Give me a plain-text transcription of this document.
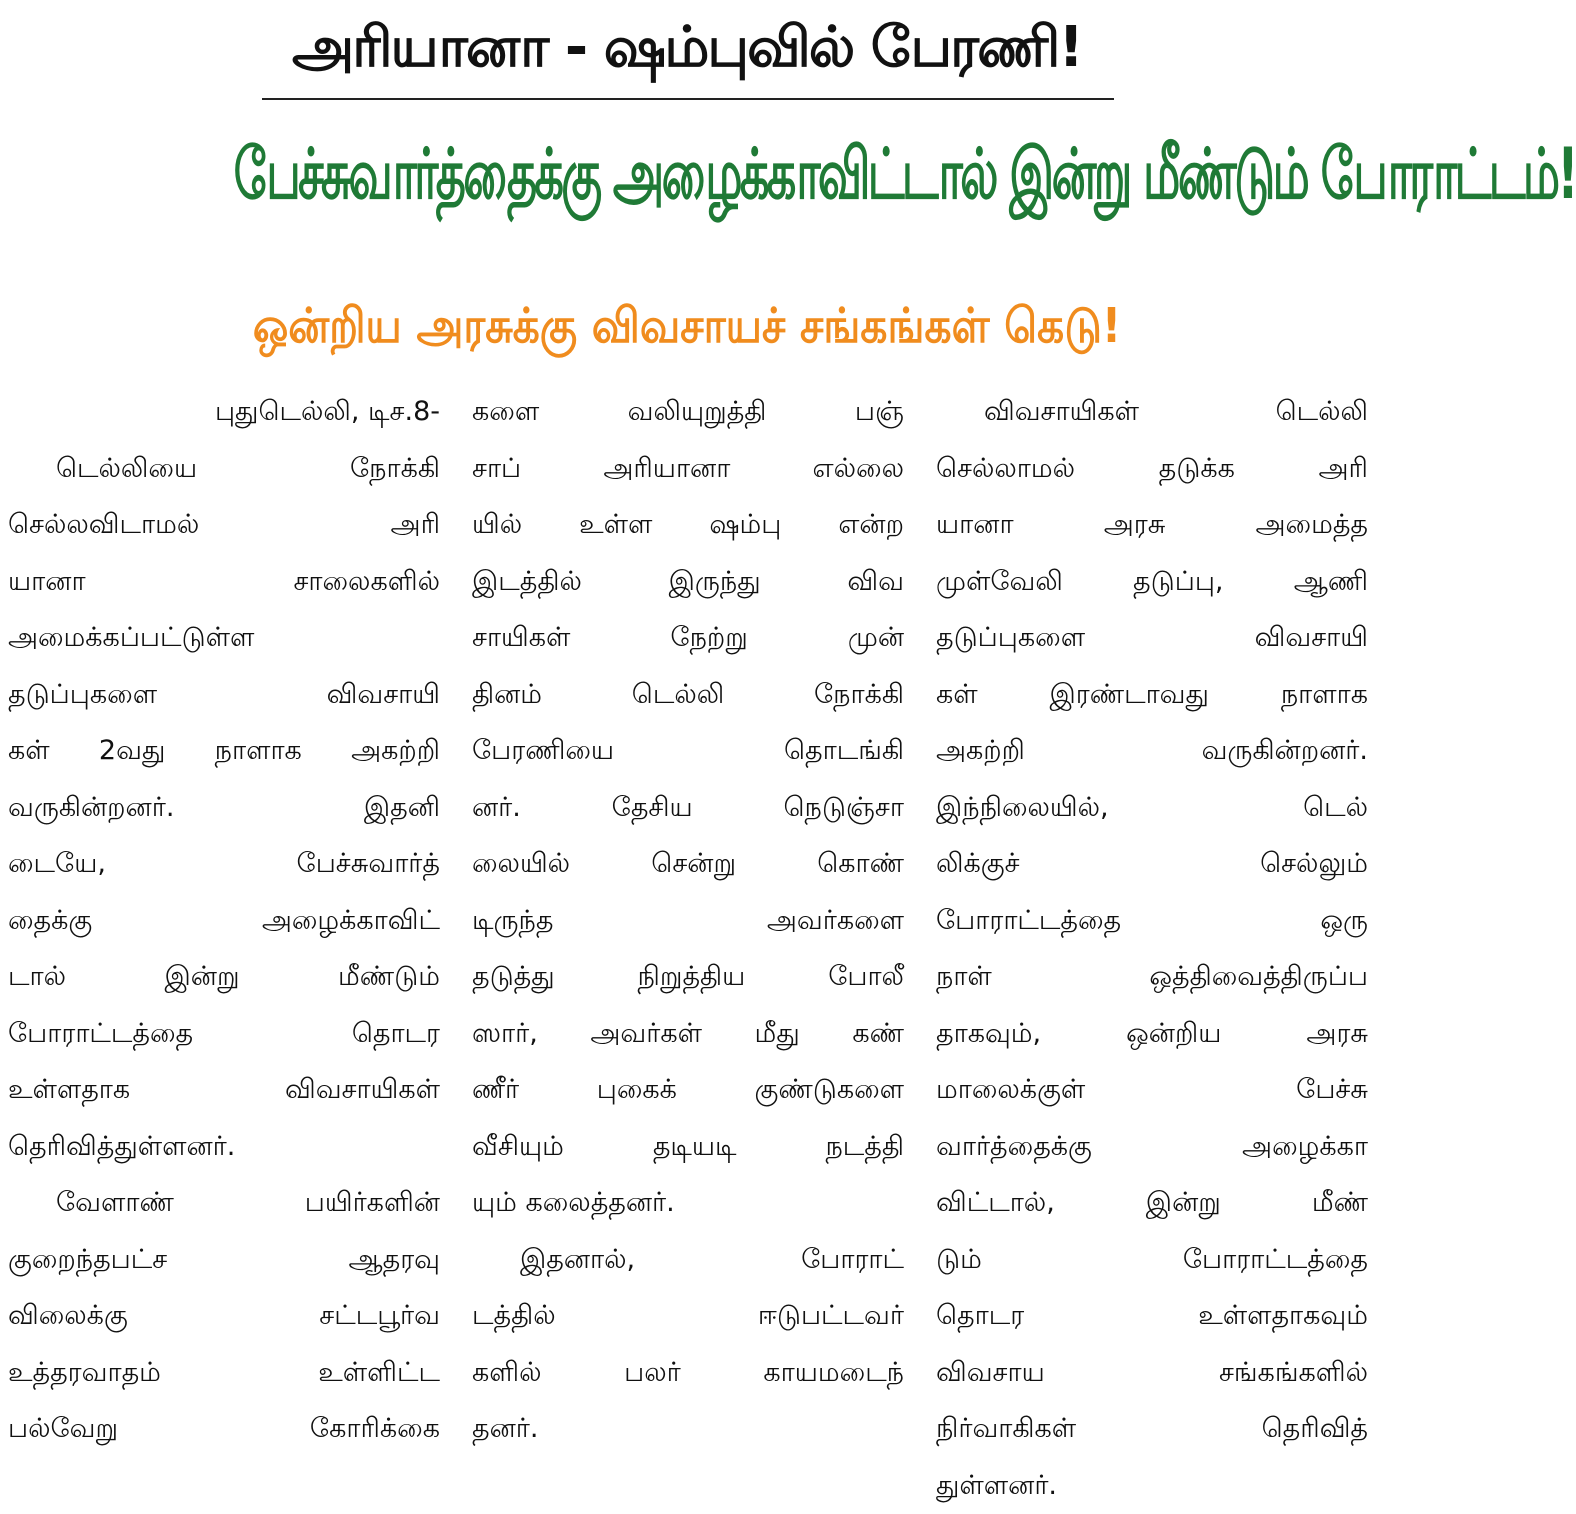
அரியானா - ஷம்புவில் பேரணி!
பேச்சுவார்த்தைக்கு அழைக்காவிட்டால் இன்று மீண்டும் போராட்டம்!
ஒன்றிய அரசுக்கு விவசாயச் சங்கங்கள் கெடு!
புதுடெல்லி, டிச.8-
டெல்லியை நோக்கி
செல்லவிடாமல் அரி
யானா சாலைகளில்
அமைக்கப்பட்டுள்ள
தடுப்புகளை விவசாயி
கள் 2வது நாளாக அகற்றி
வருகின்றனர். இதனி
டையே, பேச்சுவார்த்
தைக்கு அழைக்காவிட்
டால் இன்று மீண்டும்
போராட்டத்தை தொடர
உள்ளதாக விவசாயிகள்
தெரிவித்துள்ளனர்.
வேளாண் பயிர்களின்
குறைந்தபட்ச ஆதரவு
விலைக்கு சட்டபூர்வ
உத்தரவாதம் உள்ளிட்ட
பல்வேறு கோரிக்கை
களை வலியுறுத்தி பஞ்
சாப் அரியானா எல்லை
யில் உள்ள ஷம்பு என்ற
இடத்தில் இருந்து விவ
சாயிகள் நேற்று முன்
தினம் டெல்லி நோக்கி
பேரணியை தொடங்கி
னர். தேசிய நெடுஞ்சா
லையில் சென்று கொண்
டிருந்த அவர்களை
தடுத்து நிறுத்திய போலீ
ஸார், அவர்கள் மீது கண்
ணீர் புகைக் குண்டுகளை
வீசியும் தடியடி நடத்தி
யும் கலைத்தனர்.
இதனால், போராட்
டத்தில் ஈடுபட்டவர்
களில் பலர் காயமடைந்
தனர்.
விவசாயிகள் டெல்லி
செல்லாமல் தடுக்க அரி
யானா அரசு அமைத்த
முள்வேலி தடுப்பு, ஆணி
தடுப்புகளை விவசாயி
கள் இரண்டாவது நாளாக
அகற்றி வருகின்றனர்.
இந்நிலையில், டெல்
லிக்குச் செல்லும்
போராட்டத்தை ஒரு
நாள் ஒத்திவைத்திருப்ப
தாகவும், ஒன்றிய அரசு
மாலைக்குள் பேச்சு
வார்த்தைக்கு அழைக்கா
விட்டால், இன்று மீண்
டும் போராட்டத்தை
தொடர உள்ளதாகவும்
விவசாய சங்கங்களில்
நிர்வாகிகள் தெரிவித்
துள்ளனர்.
